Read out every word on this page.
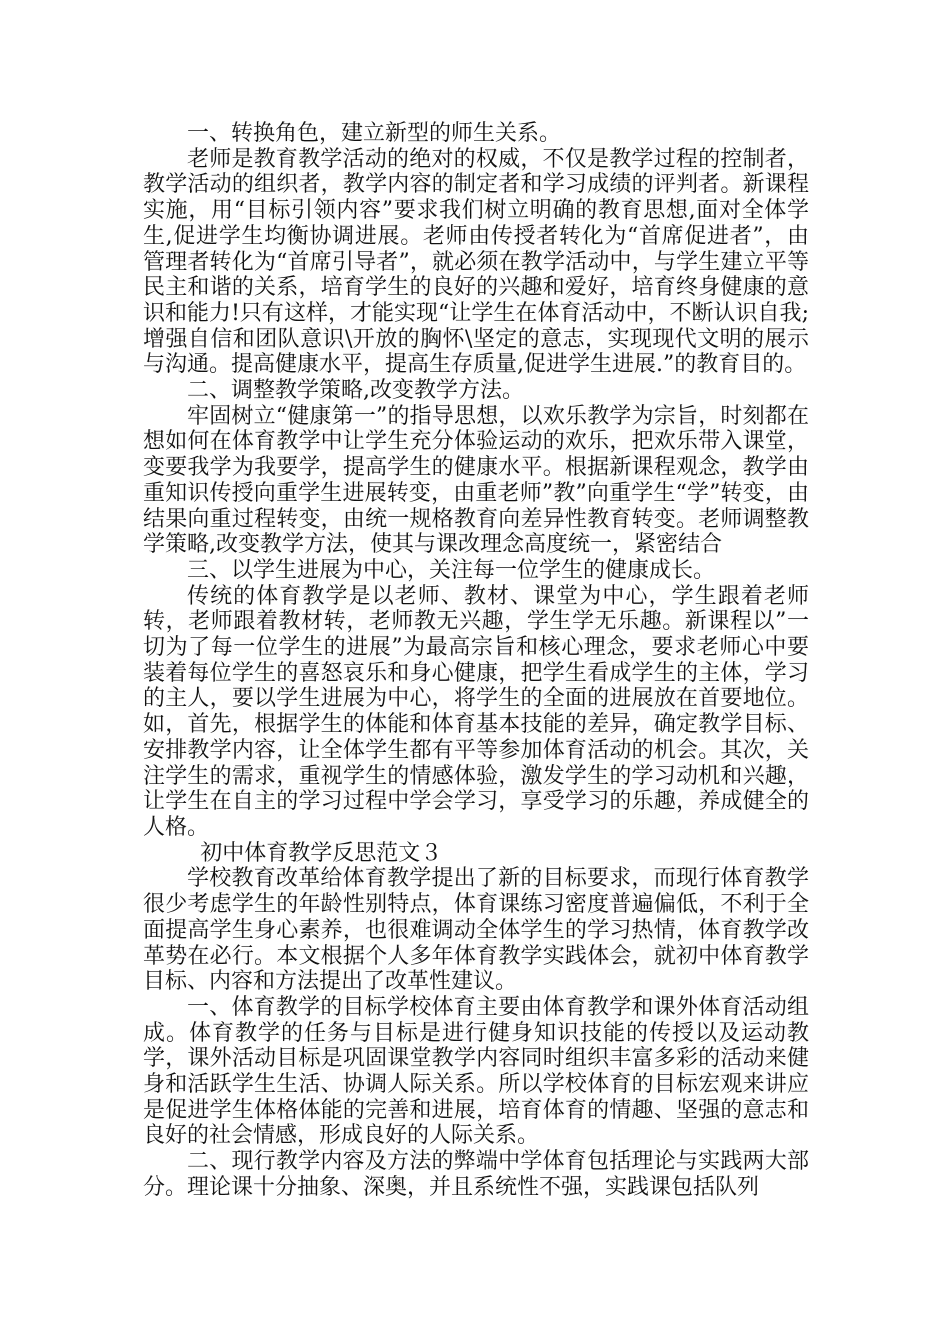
一、转换角色，建立新型的师生关系。

老师是教育教学活动的绝对的权威，不仅是教学过程的控制者，教学活动的组织者，教学内容的制定者和学习成绩的评判者。新课程实施，用“目标引领内容”要求我们树立明确的教育思想,面对全体学生,促进学生均衡协调进展。老师由传授者转化为“首席促进者”，由管理者转化为“首席引导者”，就必须在教学活动中，与学生建立平等民主和谐的关系，培育学生的良好的兴趣和爱好，培育终身健康的意识和能力!只有这样，才能实现“让学生在体育活动中，不断认识自我;增强自信和团队意识\开放的胸怀\坚定的意志，实现现代文明的展示与沟通。提高健康水平，提高生存质量,促进学生进展.”的教育目的。

二、调整教学策略,改变教学方法。

牢固树立“健康第一”的指导思想，以欢乐教学为宗旨，时刻都在想如何在体育教学中让学生充分体验运动的欢乐，把欢乐带入课堂，变要我学为我要学，提高学生的健康水平。根据新课程观念，教学由重知识传授向重学生进展转变，由重老师”教”向重学生“学”转变，由结果向重过程转变，由统一规格教育向差异性教育转变。老师调整教学策略,改变教学方法，使其与课改理念高度统一，紧密结合

三、以学生进展为中心，关注每一位学生的健康成长。

传统的体育教学是以老师、教材、课堂为中心，学生跟着老师转，老师跟着教材转，老师教无兴趣，学生学无乐趣。新课程以”一切为了每一位学生的进展”为最高宗旨和核心理念，要求老师心中要装着每位学生的喜怒哀乐和身心健康，把学生看成学生的主体，学习的主人，要以学生进展为中心，将学生的全面的进展放在首要地位。如，首先，根据学生的体能和体育基本技能的差异，确定教学目标、安排教学内容，让全体学生都有平等参加体育活动的机会。其次，关注学生的需求，重视学生的情感体验，激发学生的学习动机和兴趣，让学生在自主的学习过程中学会学习，享受学习的乐趣，养成健全的人格。

初中体育教学反思范文３

学校教育改革给体育教学提出了新的目标要求，而现行体育教学很少考虑学生的年龄性别特点，体育课练习密度普遍偏低，不利于全面提高学生身心素养，也很难调动全体学生的学习热情，体育教学改革势在必行。本文根据个人多年体育教学实践体会，就初中体育教学目标、内容和方法提出了改革性建议。

一、体育教学的目标学校体育主要由体育教学和课外体育活动组成。体育教学的任务与目标是进行健身知识技能的传授以及运动教学，课外活动目标是巩固课堂教学内容同时组织丰富多彩的活动来健身和活跃学生生活、协调人际关系。所以学校体育的目标宏观来讲应是促进学生体格体能的完善和进展，培育体育的情趣、坚强的意志和良好的社会情感，形成良好的人际关系。

二、现行教学内容及方法的弊端中学体育包括理论与实践两大部分。理论课十分抽象、深奥，并且系统性不强，实践课包括队列
